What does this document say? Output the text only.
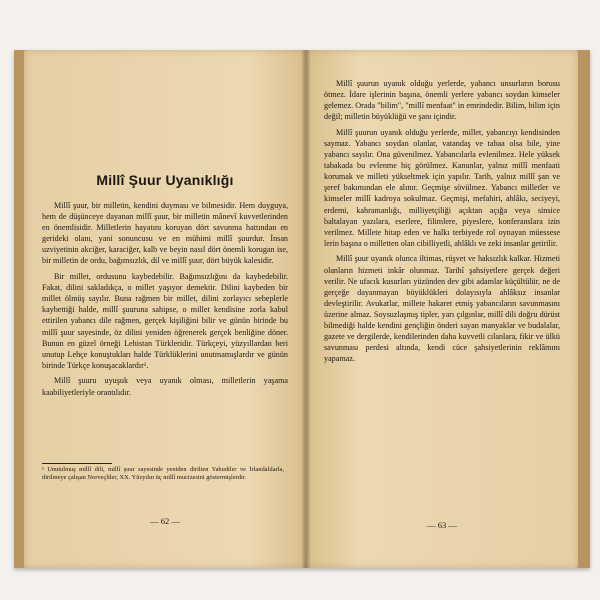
Millî Şuur Uyanıklığı

Millî şuur, bir milletin, kendini duyması ve bilmesidir. Hem duyguya, hem de düşünceye dayanan millî şuur, bir milletin mânevî kuvvetlerinden en önemlisidir. Milletlerin hayatını koruyan dört savunma hattından en gerideki olanı, yani sonuncusu ve en mühimi millî şuurdur. İnsan uzviyetinin akciğer, karaciğer, kalb ve beyin nasıl dört önemli korugan ise, bir milletin de ordu, bağımsızlık, dil ve millî şuur, dört büyük kalesidir.

Bir millet, ordusunu kaybedebilir. Bağımsızlığını da kaybedebilir. Fakat, dilini sakladıkça, o millet yaşıyor demektir. Dilini kaybeden bir millet ölmüş sayılır. Buna rağmen bir millet, dilini zorlayıcı sebeplerle kaybettiği halde, millî şuuruna sahipse, o millet kendisine zorla kabul ettirilen yabancı dile rağmen, gerçek kişiliğini bilir ve günün birinde bu millî şuur sayesinde, öz dilini yeniden öğrenerek gerçek benliğine döner. Bunun en güzel örneği Lehistan Türkleridir. Türkçeyi, yüzyıllardan beri unutup Lehçe konuştukları halde Türklüklerini unutmamışlardır ve günün birinde Türkçe konuşacaklardır¹.

Millî şuuru uyuşuk veya uyanık olması, milletlerin yaşama kaabiliyetleriyle orantılıdır.

¹ Unutulmuş millî dili, millî şuur sayesinde yeniden dirilten Yahudiler ve İrlandalılarla, dirilmeye çalışan Norveçliler, XX. Yüzyılın üç millî mucizesini göstermişlerdir.

— 62 —

Millî şuurun uyanık olduğu yerlerde, yabancı unsurların borusu ötmez. İdare işlerinin başına, önemli yerlere yabancı soydan kimseler gelemez. Orada "bilim", "millî menfaat" in emrindedir. Bilim, bilim için değil; milletin büyüklüğü ve şanı içindir.

Millî şuurun uyanık olduğu yerlerde, millet, yabancıyı kendisinden saymaz. Yabancı soydan olanlar, vatandaş ve tabaa olsa bile, yine yabancı sayılır. Ona güvenilmez. Yabancılarla evlenilmez. Hele yüksek tabakada bu evlenme hiç görülmez. Kanunlar, yalnız millî menfaati korumak ve milleti yükseltmek için yapılır. Tarih, yalnız millî şan ve şeref bakımından ele alınır. Geçmişe sövülmez. Yabancı milletler ve kimseler millî kadroya sokulmaz. Geçmişi, mefahiri, ahlâkı, seciyeyi, erdemi, kahramanlığı, milliyetçiliği açıktan açığa veya sinsice baltalayan yazılara, eserlere, filimlere, piyeslere, konferanslara izin verilmez. Millete hitap eden ve halkı terbiyede rol oynayan müessese lerin başına o milletten olan cibilliyetli, ahlâklı ve zeki insanlar getirilir.

Millî şuur uyanık olunca iltimas, rüşvet ve haksızlık kalkar. Hizmeti olanların hizmeti inkâr olunmaz. Tarihî şahsiyetlere gerçek değeri verilir. Ne ufacık kusurları yüzünden dev gibi adamlar küçültülür, ne de gerçeğe dayanmayan büyüklükleri dolayısıyla ahlâksız insanlar devleştirilir. Avukatlar, millete hakaret etmiş yabancıların savunmasını üzerine almaz. Soysuzlaşmış tipler, yarı çılgınlar, millî dili doğru dürüst bilmediği halde kendini gençliğin önderi sayan manyaklar ve budalalar, gazete ve dergilerde, kendilerinden daha kuvvetli cılanlara, fikir ve ülkü savunması perdesi altında, kendi cüce şahsiyetlerinin reklâmını yapamaz.

— 63 —
